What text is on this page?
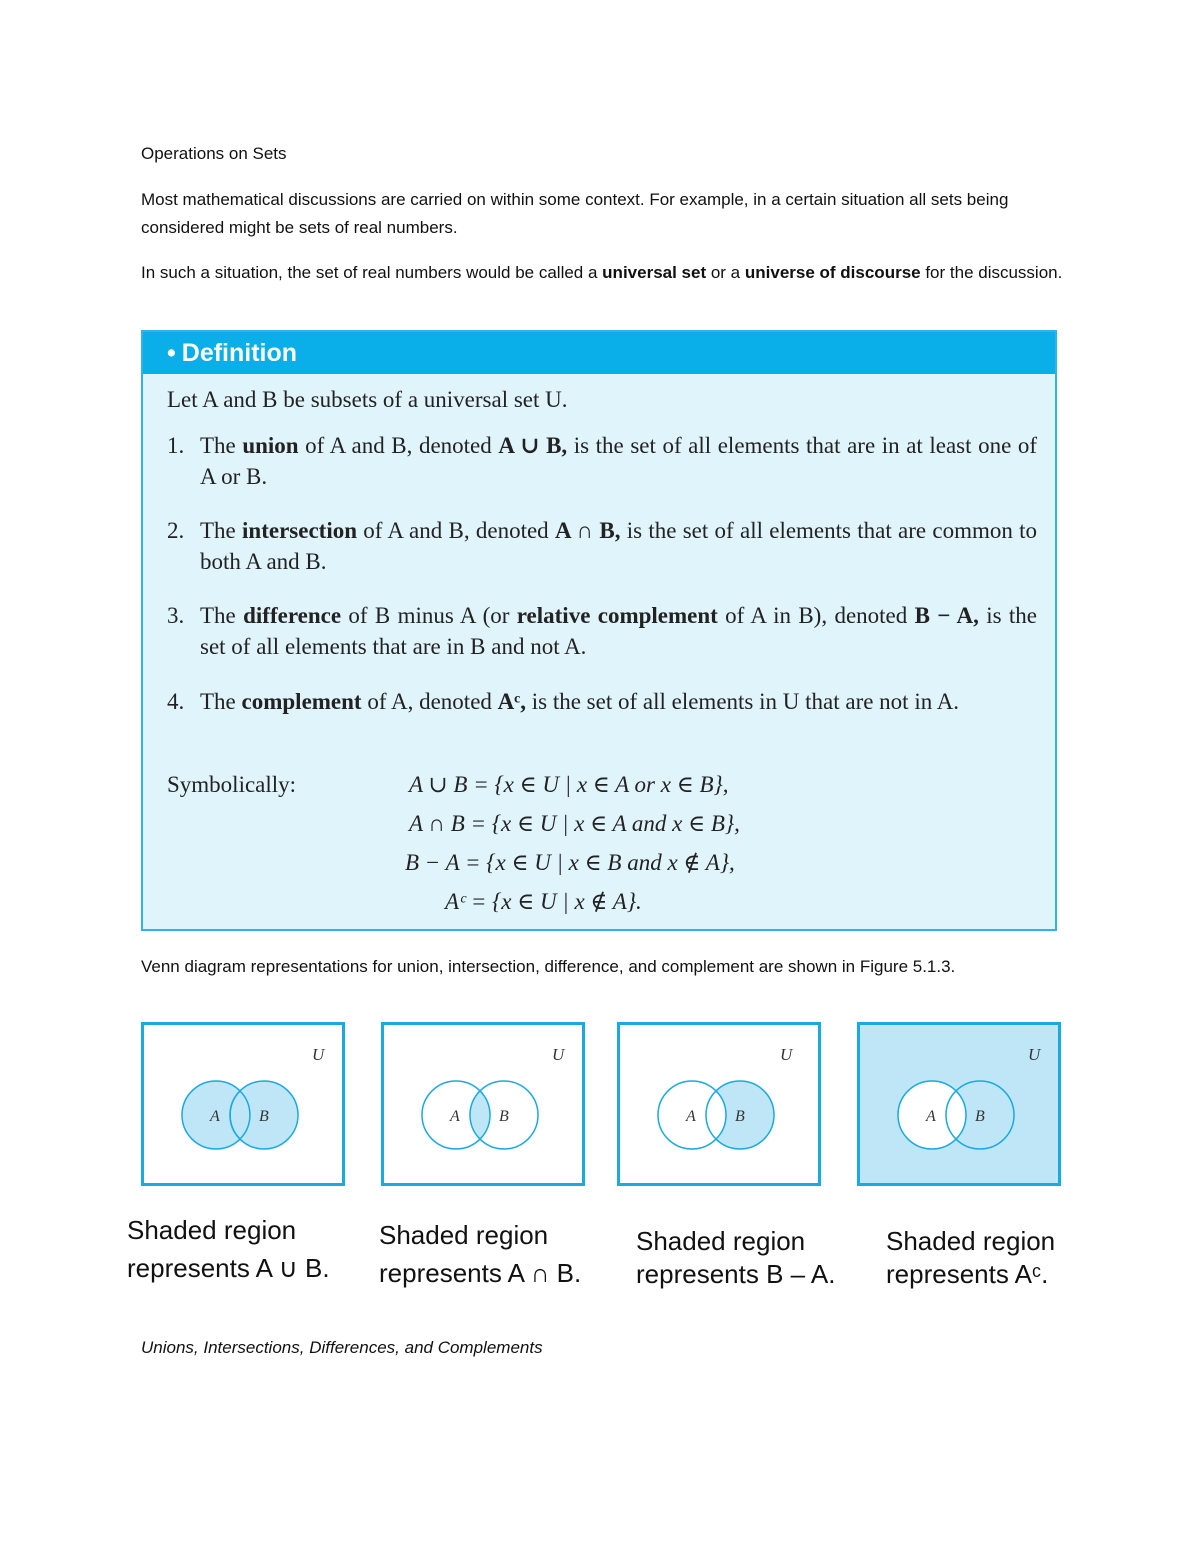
Operations on Sets
Most mathematical discussions are carried on within some context. For example, in a certain situation all sets being considered might be sets of real numbers.
In such a situation, the set of real numbers would be called a universal set or a universe of discourse for the discussion.
• Definition
Let A and B be subsets of a universal set U.
1. The union of A and B, denoted A ∪ B, is the set of all elements that are in at least one of A or B.
2. The intersection of A and B, denoted A ∩ B, is the set of all elements that are common to both A and B.
3. The difference of B minus A (or relative complement of A in B), denoted B − A, is the set of all elements that are in B and not A.
4. The complement of A, denoted Aᶜ, is the set of all elements in U that are not in A.
Symbolically:	A ∪ B = {x ∈ U | x ∈ A or x ∈ B},
A ∩ B = {x ∈ U | x ∈ A and x ∈ B},
B − A = {x ∈ U | x ∈ B and x ∉ A},
Aᶜ = {x ∈ U | x ∉ A}.
Venn diagram representations for union, intersection, difference, and complement are shown in Figure 5.1.3.
U
A B
U
A B
U
A B
U
A B
Shaded region
represents A ∪ B.
Shaded region
represents A ∩ B.
Shaded region
represents B – A.
Shaded region
represents Aᶜ.
Unions, Intersections, Differences, and Complements
